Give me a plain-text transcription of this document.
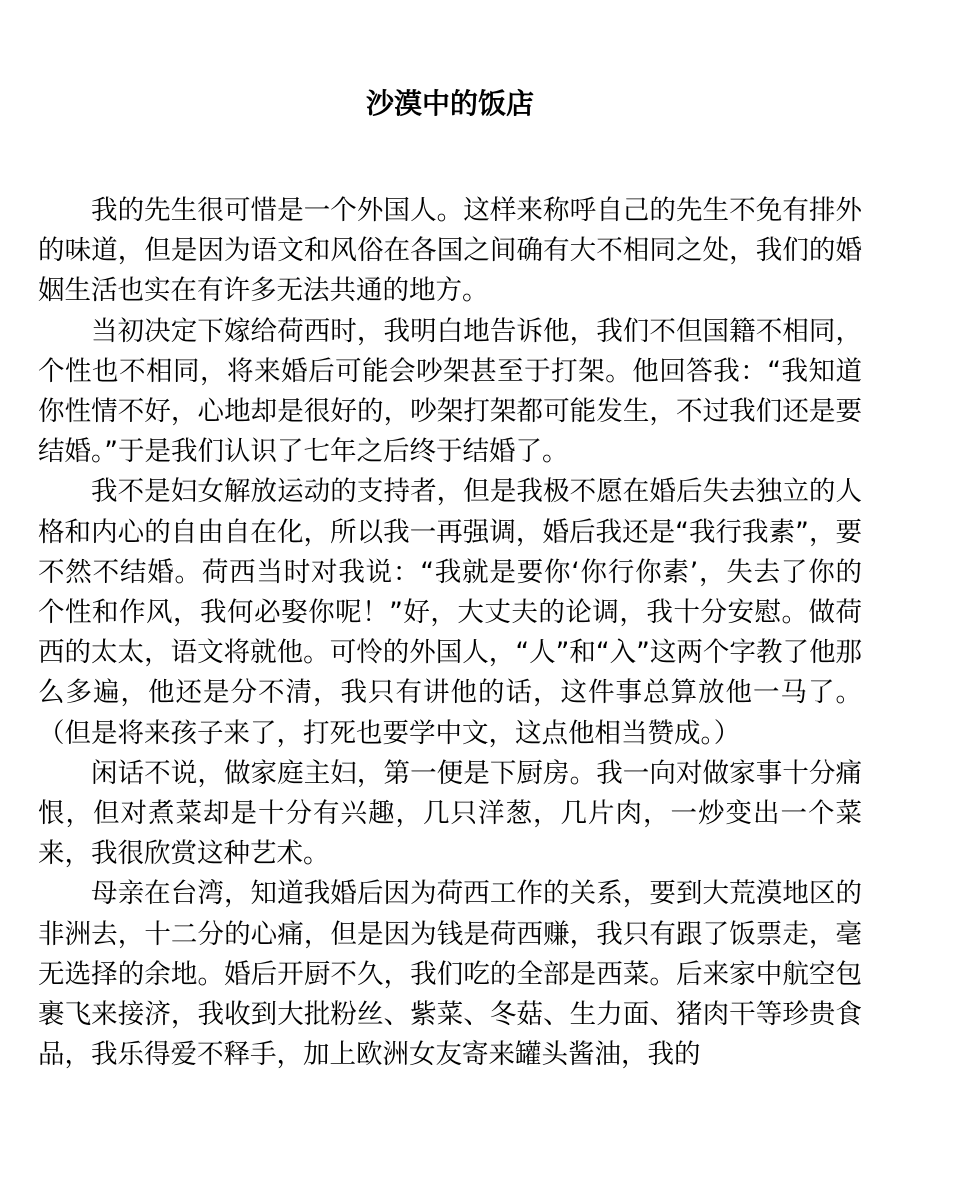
沙漠中的饭店

我的先生很可惜是一个外国人。这样来称呼自己的先生不免有排外的味道，但是因为语文和风俗在各国之间确有大不相同之处，我们的婚姻生活也实在有许多无法共通的地方。

当初决定下嫁给荷西时，我明白地告诉他，我们不但国籍不相同，个性也不相同，将来婚后可能会吵架甚至于打架。他回答我：“我知道你性情不好，心地却是很好的，吵架打架都可能发生，不过我们还是要结婚。”于是我们认识了七年之后终于结婚了。

我不是妇女解放运动的支持者，但是我极不愿在婚后失去独立的人格和内心的自由自在化，所以我一再强调，婚后我还是“我行我素”，要不然不结婚。荷西当时对我说：“我就是要你‘你行你素’，失去了你的个性和作风，我何必娶你呢！”好，大丈夫的论调，我十分安慰。做荷西的太太，语文将就他。可怜的外国人，“人”和“入”这两个字教了他那么多遍，他还是分不清，我只有讲他的话，这件事总算放他一马了。（但是将来孩子来了，打死也要学中文，这点他相当赞成。）

闲话不说，做家庭主妇，第一便是下厨房。我一向对做家事十分痛恨，但对煮菜却是十分有兴趣，几只洋葱，几片肉，一炒变出一个菜来，我很欣赏这种艺术。

母亲在台湾，知道我婚后因为荷西工作的关系，要到大荒漠地区的非洲去，十二分的心痛，但是因为钱是荷西赚，我只有跟了饭票走，毫无选择的余地。婚后开厨不久，我们吃的全部是西菜。后来家中航空包裹飞来接济，我收到大批粉丝、紫菜、冬菇、生力面、猪肉干等珍贵食品，我乐得爱不释手，加上欧洲女友寄来罐头酱油，我的
